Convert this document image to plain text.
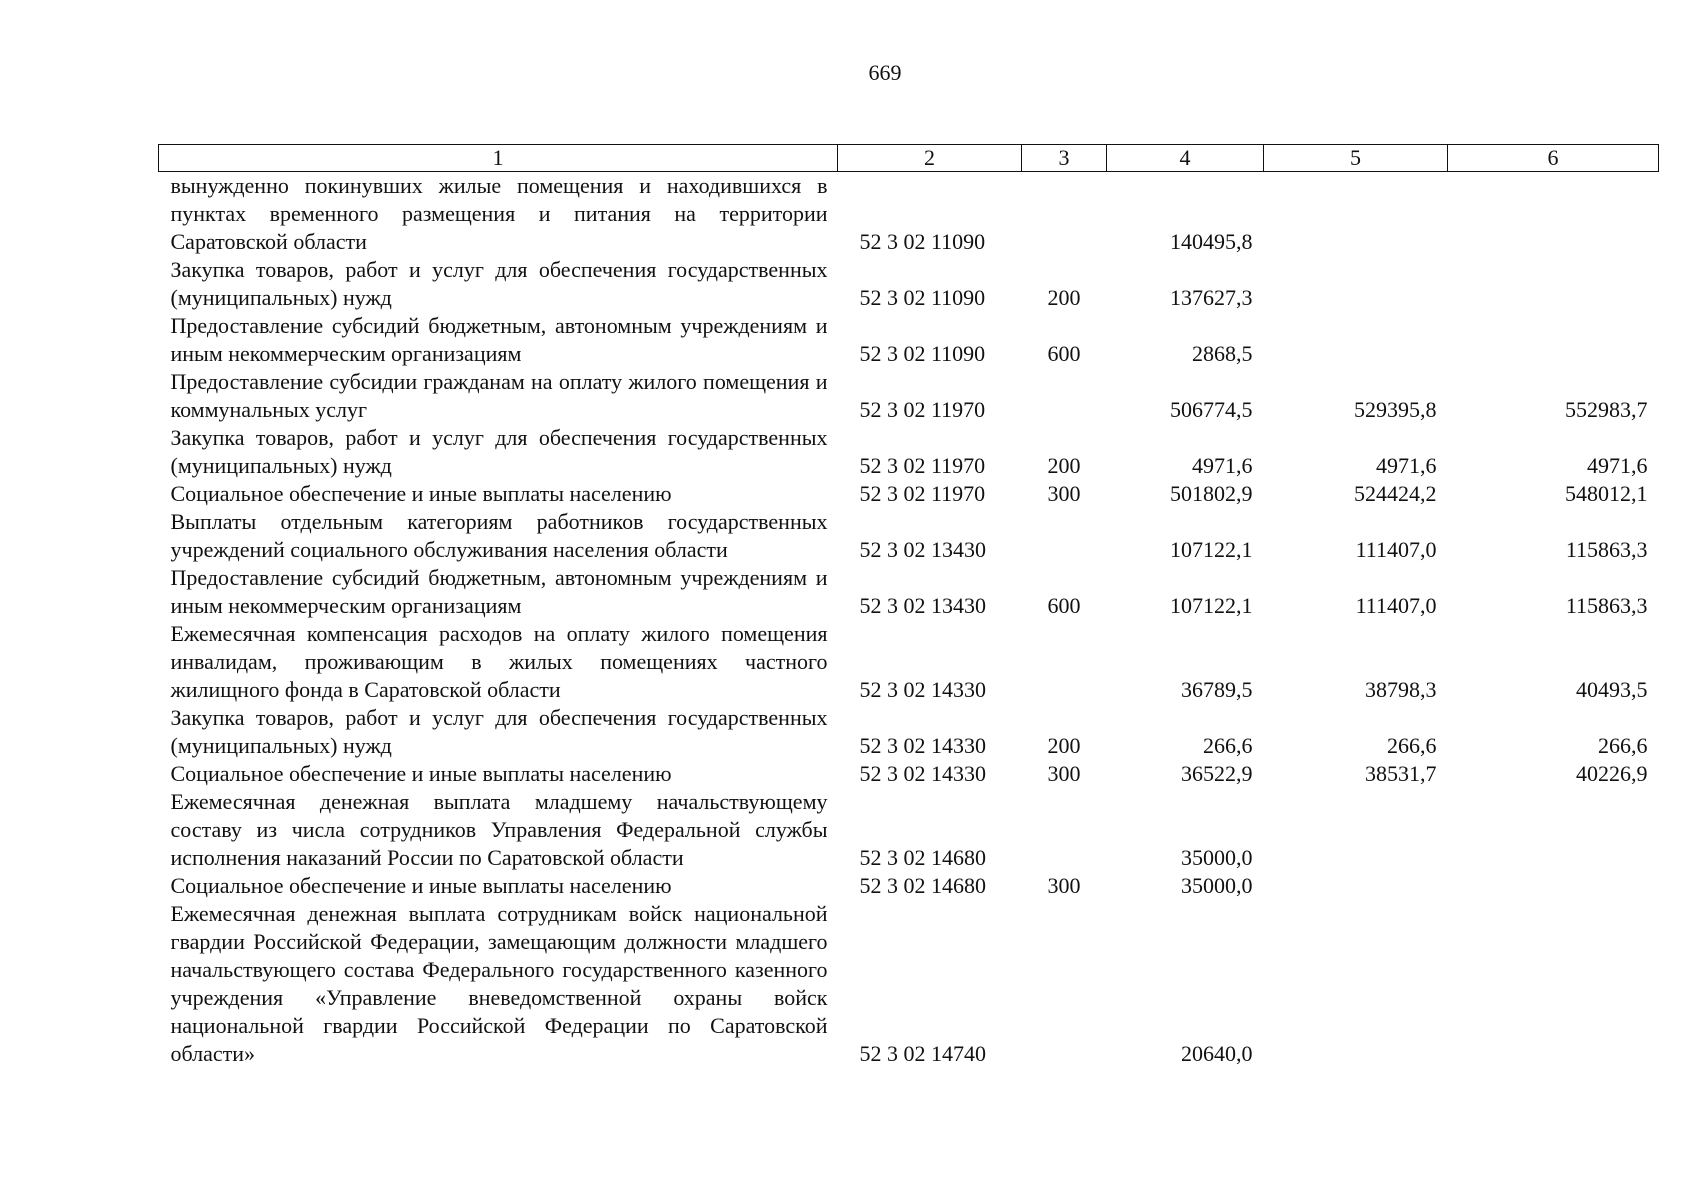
669
1	2	3	4	5	6
вынужденно покинувших жилые помещения и находившихся в пунктах временного размещения и питания на территории Саратовской области	52 3 02 11090		140495,8		
Закупка товаров, работ и услуг для обеспечения государственных (муниципальных) нужд	52 3 02 11090	200	137627,3		
Предоставление субсидий бюджетным, автономным учреждениям и иным некоммерческим организациям	52 3 02 11090	600	2868,5		
Предоставление субсидии гражданам на оплату жилого помещения и коммунальных услуг	52 3 02 11970		506774,5	529395,8	552983,7
Закупка товаров, работ и услуг для обеспечения государственных (муниципальных) нужд	52 3 02 11970	200	4971,6	4971,6	4971,6
Социальное обеспечение и иные выплаты населению	52 3 02 11970	300	501802,9	524424,2	548012,1
Выплаты отдельным категориям работников государственных учреждений социального обслуживания населения области	52 3 02 13430		107122,1	111407,0	115863,3
Предоставление субсидий бюджетным, автономным учреждениям и иным некоммерческим организациям	52 3 02 13430	600	107122,1	111407,0	115863,3
Ежемесячная компенсация расходов на оплату жилого помещения инвалидам, проживающим в жилых помещениях частного жилищного фонда в Саратовской области	52 3 02 14330		36789,5	38798,3	40493,5
Закупка товаров, работ и услуг для обеспечения государственных (муниципальных) нужд	52 3 02 14330	200	266,6	266,6	266,6
Социальное обеспечение и иные выплаты населению	52 3 02 14330	300	36522,9	38531,7	40226,9
Ежемесячная денежная выплата младшему начальствующему составу из числа сотрудников Управления Федеральной службы исполнения наказаний России по Саратовской области	52 3 02 14680		35000,0		
Социальное обеспечение и иные выплаты населению	52 3 02 14680	300	35000,0		
Ежемесячная денежная выплата сотрудникам войск национальной гвардии Российской Федерации, замещающим должности младшего начальствующего состава Федерального государственного казенного учреждения «Управление вневедомственной охраны войск национальной гвардии Российской Федерации по Саратовской области»	52 3 02 14740		20640,0		
